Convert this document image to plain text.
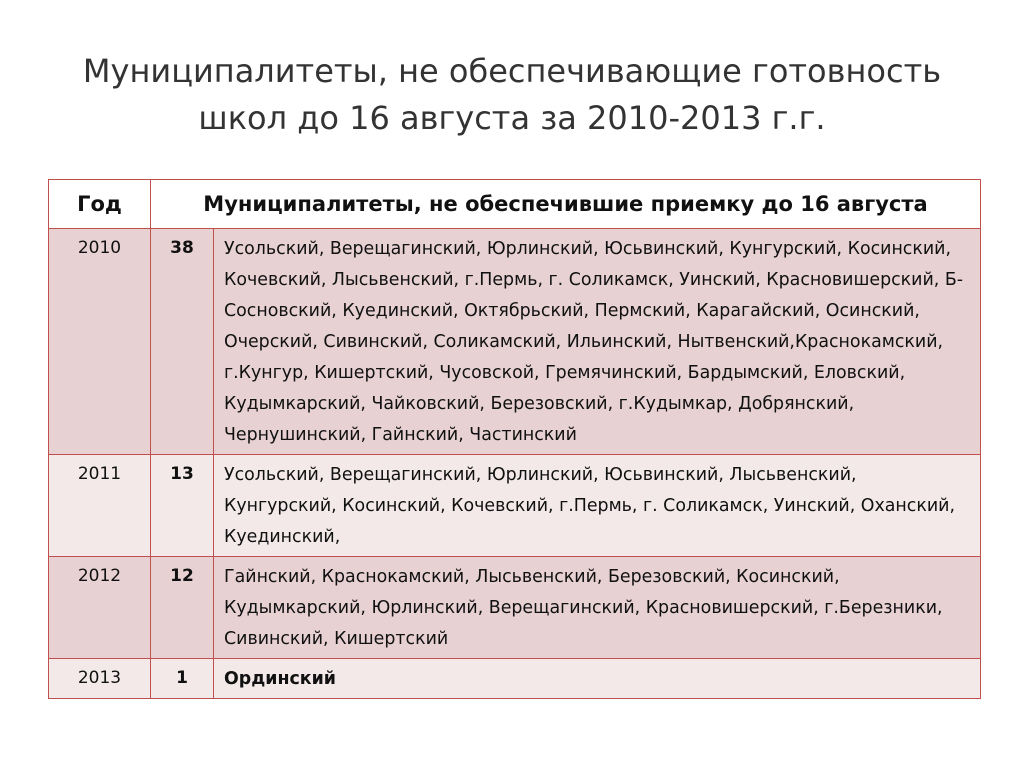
Муниципалитеты, не обеспечивающие готовность
школ до 16 августа за 2010-2013 г.г.
Год	Муниципалитеты, не обеспечившие приемку до 16 августа	
2010	38	Усольский, Верещагинский, Юрлинский, Юсьвинский, Кунгурский, Косинский, Кочевский, Лысьвенский, г.Пермь, г. Соликамск, Уинский, Красновишерский, Б-Сосновский, Куединский, Октябрьский, Пермский, Карагайский, Осинский, Очерский, Сивинский, Соликамский, Ильинский, Нытвенский,Краснокамский, г.Кунгур, Кишертский, Чусовской, Гремячинский, Бардымский, Еловский, Кудымкарский, Чайковский, Березовский, г.Кудымкар, Добрянский, Чернушинский, Гайнский, Частинский
2011	13	Усольский, Верещагинский, Юрлинский, Юсьвинский, Лысьвенский, Кунгурский, Косинский, Кочевский, г.Пермь, г. Соликамск, Уинский, Оханский, Куединский,
2012	12	Гайнский, Краснокамский, Лысьвенский, Березовский, Косинский, Кудымкарский, Юрлинский, Верещагинский, Красновишерский, г.Березники, Сивинский, Кишертский
2013	1	Ординский
